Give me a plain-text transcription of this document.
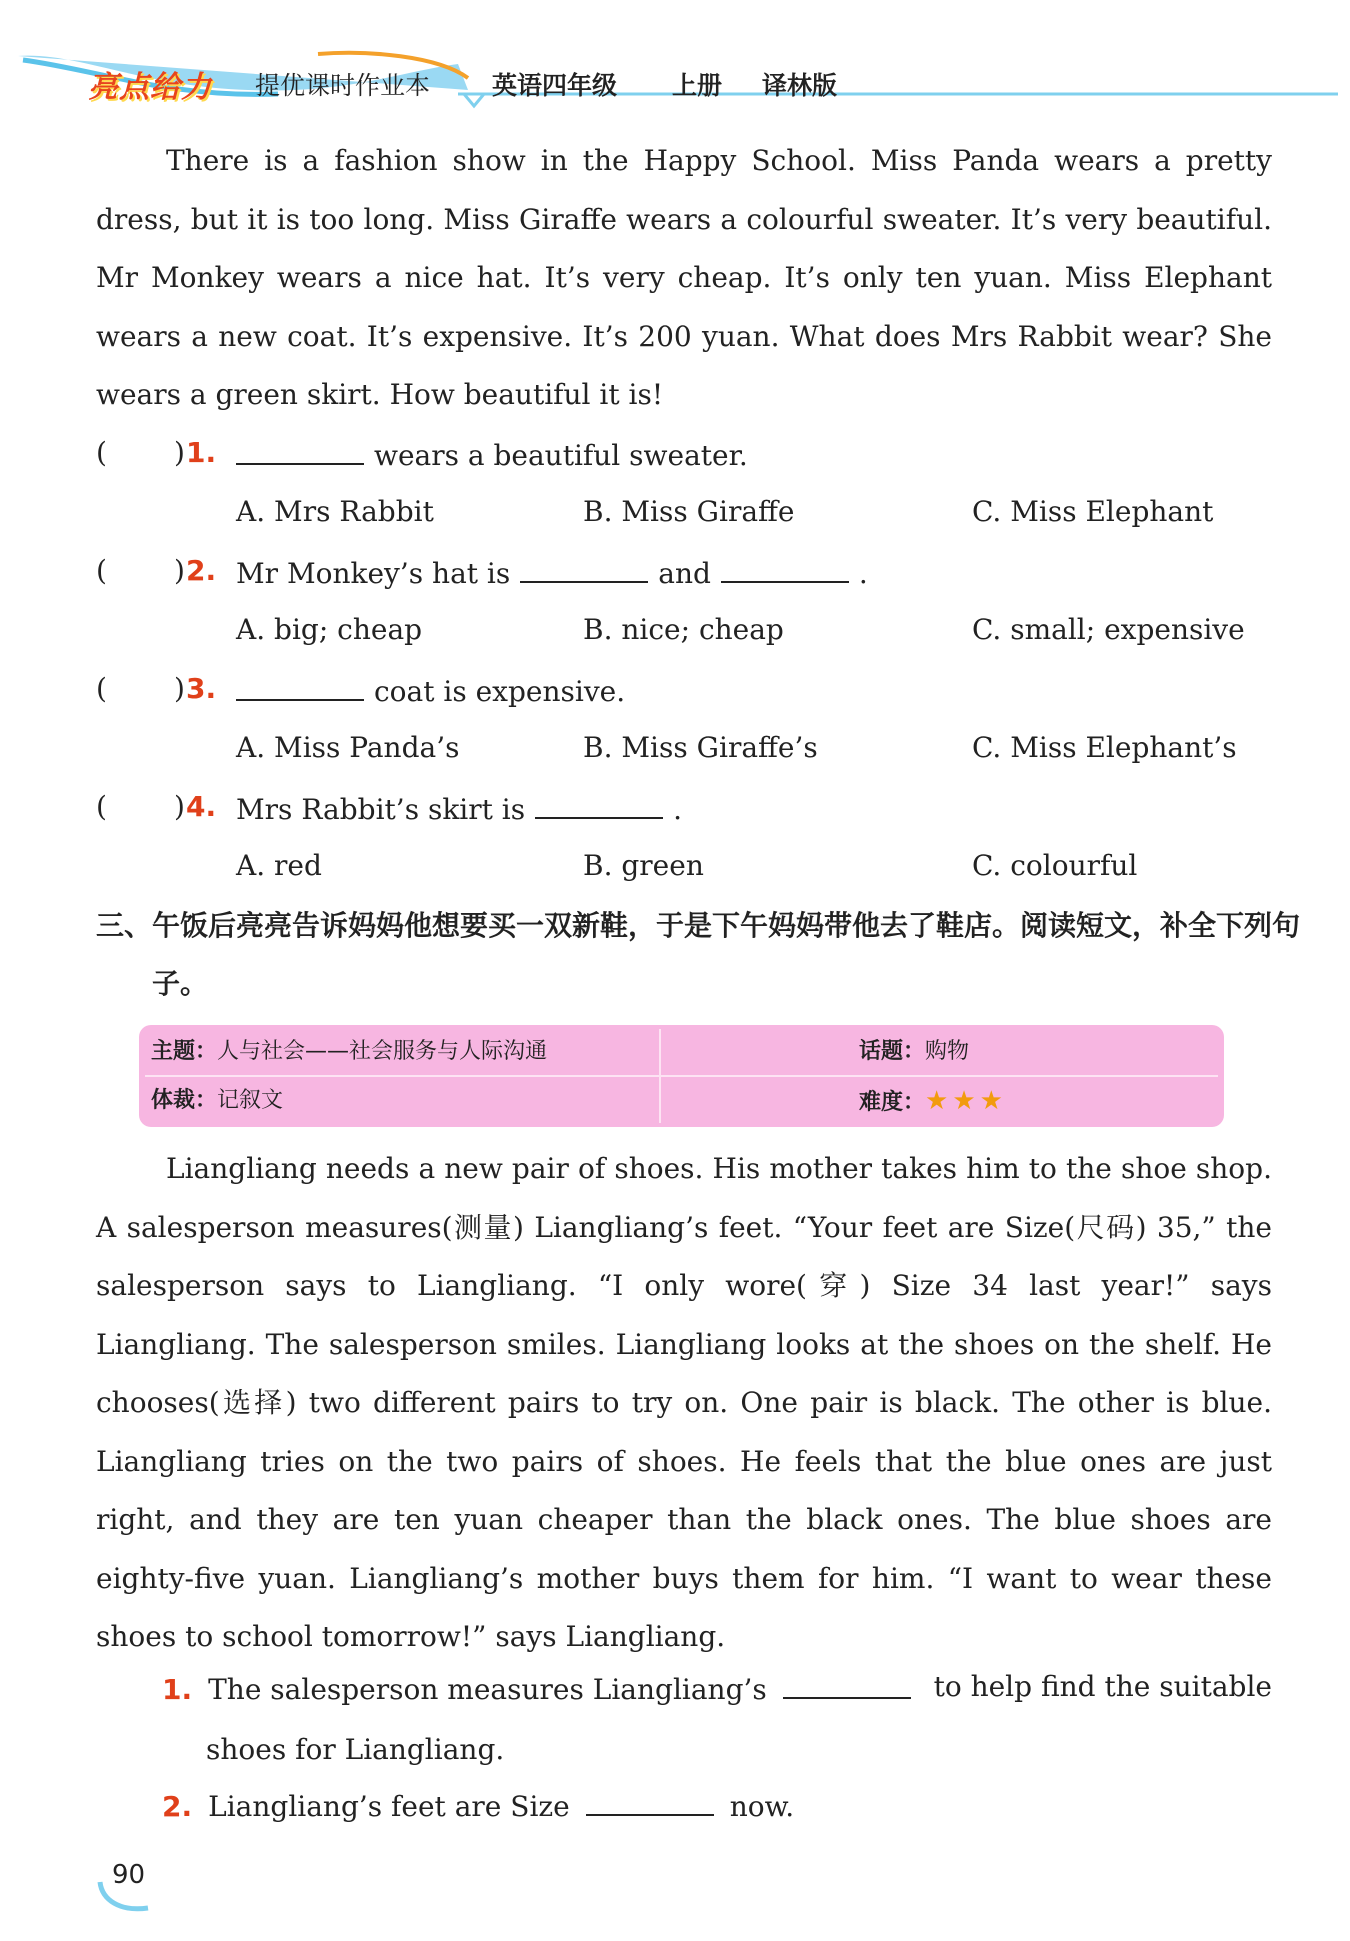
亮点给力 提优课时作业本 英语四年级 上册 译林版

There is a fashion show in the Happy School. Miss Panda wears a pretty dress, but it is too long. Miss Giraffe wears a colourful sweater. It’s very beautiful. Mr Monkey wears a nice hat. It’s very cheap. It’s only ten yuan. Miss Elephant wears a new coat. It’s expensive. It’s 200 yuan. What does Mrs Rabbit wear? She wears a green skirt. How beautiful it is!

( ) 1.	wears a beautiful sweater.
A. Mrs Rabbit	B. Miss Giraffe	C. Miss Elephant
( ) 2. Mr Monkey’s hat is	and	.
A. big; cheap	B. nice; cheap	C. small; expensive
( ) 3.	coat is expensive.
A. Miss Panda’s	B. Miss Giraffe’s	C. Miss Elephant’s
( ) 4. Mrs Rabbit’s skirt is	.
A. red	B. green	C. colourful

三、午饭后亮亮告诉妈妈他想要买一双新鞋，于是下午妈妈带他去了鞋店。阅读短文，补全下列句子。

主题：人与社会——社会服务与人际沟通	话题：购物
体裁：记叙文	难度：★ ★ ★

Liangliang needs a new pair of shoes. His mother takes him to the shoe shop. A salesperson measures(测量) Liangliang’s feet. “Your feet are Size(尺码) 35,” the salesperson says to Liangliang. “I only wore(穿) Size 34 last year!” says Liangliang. The salesperson smiles. Liangliang looks at the shoes on the shelf. He chooses(选择) two different pairs to try on. One pair is black. The other is blue. Liangliang tries on the two pairs of shoes. He feels that the blue ones are just right, and they are ten yuan cheaper than the black ones. The blue shoes are eighty-five yuan. Liangliang’s mother buys them for him. “I want to wear these shoes to school tomorrow!” says Liangliang.

1. The salesperson measures Liangliang’s	to help find the suitable
shoes for Liangliang.
2. Liangliang’s feet are Size	now.
90
